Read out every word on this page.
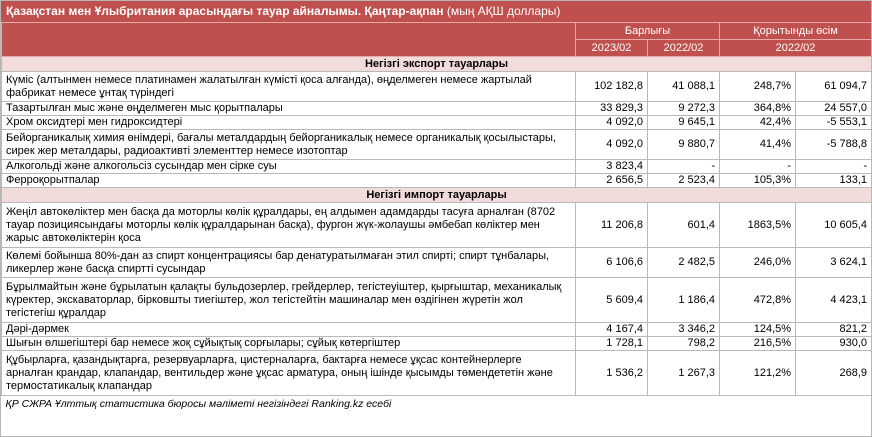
Қазақстан мен Ұлыбритания арасындағы тауар айналымы. Қаңтар-ақпан (мың АҚШ доллары)
	Барлығы		Қорытынды өсім	
	2023/02	2022/02	2022/02	
Негізгі экспорт тауарлары				
Күміс (алтынмен немесе платинамен жалатылған күмісті қоса алғанда), өңделмеген немесе жартылай фабрикат немесе ұнтақ түріндегі	102 182,8	41 088,1	248,7%	61 094,7
Тазартылған мыс және өңделмеген мыс қорытпалары	33 829,3	9 272,3	364,8%	24 557,0
Хром оксидтері мен гидроксидтері	4 092,0	9 645,1	42,4%	-5 553,1
Бейорганикалық химия өнімдері, бағалы металдардың бейорганикалық немесе органикалық қосылыстары, сирек жер металдары, радиоактивті элементтер немесе изотоптар	4 092,0	9 880,7	41,4%	-5 788,8
Алкогольді және алкогольсіз сусындар мен сірке суы	3 823,4	-	-	-
Ферроқорытпалар	2 656,5	2 523,4	105,3%	133,1
Негізгі импорт тауарлары				
Жеңіл автокөліктер мен басқа да моторлы көлік құралдары, ең алдымен адамдарды тасуға арналған (8702 тауар позициясындағы моторлы көлік құралдарынан басқа), фургон жүк-жолаушы әмбебап көліктер мен жарыс автокөліктерін қоса	11 206,8	601,4	1863,5%	10 605,4
Көлемі бойынша 80%-дан аз спирт концентрациясы бар денатуратылмаған этил спирті; спирт тұнбалары, ликерлер және басқа спиртті сусындар	6 106,6	2 482,5	246,0%	3 624,1
Бұрылмайтын және бұрылатын қалақты бульдозерлер, грейдерлер, тегістеуіштер, қырғыштар, механикалық күректер, экскаваторлар, бірковшты тиегіштер, жол тегістейтін машиналар мен өздігінен жүретін жол тегістегіш құралдар	5 609,4	1 186,4	472,8%	4 423,1
Дәрі-дәрмек	4 167,4	3 346,2	124,5%	821,2
Шығын өлшегіштері бар немесе жоқ сұйықтық сорғылары; сұйық көтергіштер	1 728,1	798,2	216,5%	930,0
Құбырларға, қазандықтарға, резервуарларға, цистерналарға, бактарға немесе ұқсас контейнерлерге арналған крандар, клапандар, вентильдер және ұқсас арматура, оның ішінде қысымды төмендететін және термостатикалық клапандар	1 536,2	1 267,3	121,2%	268,9
ҚР СЖРА Ұлттық статистика бюросы мәліметі негізіндегі Ranking.kz есебі				
